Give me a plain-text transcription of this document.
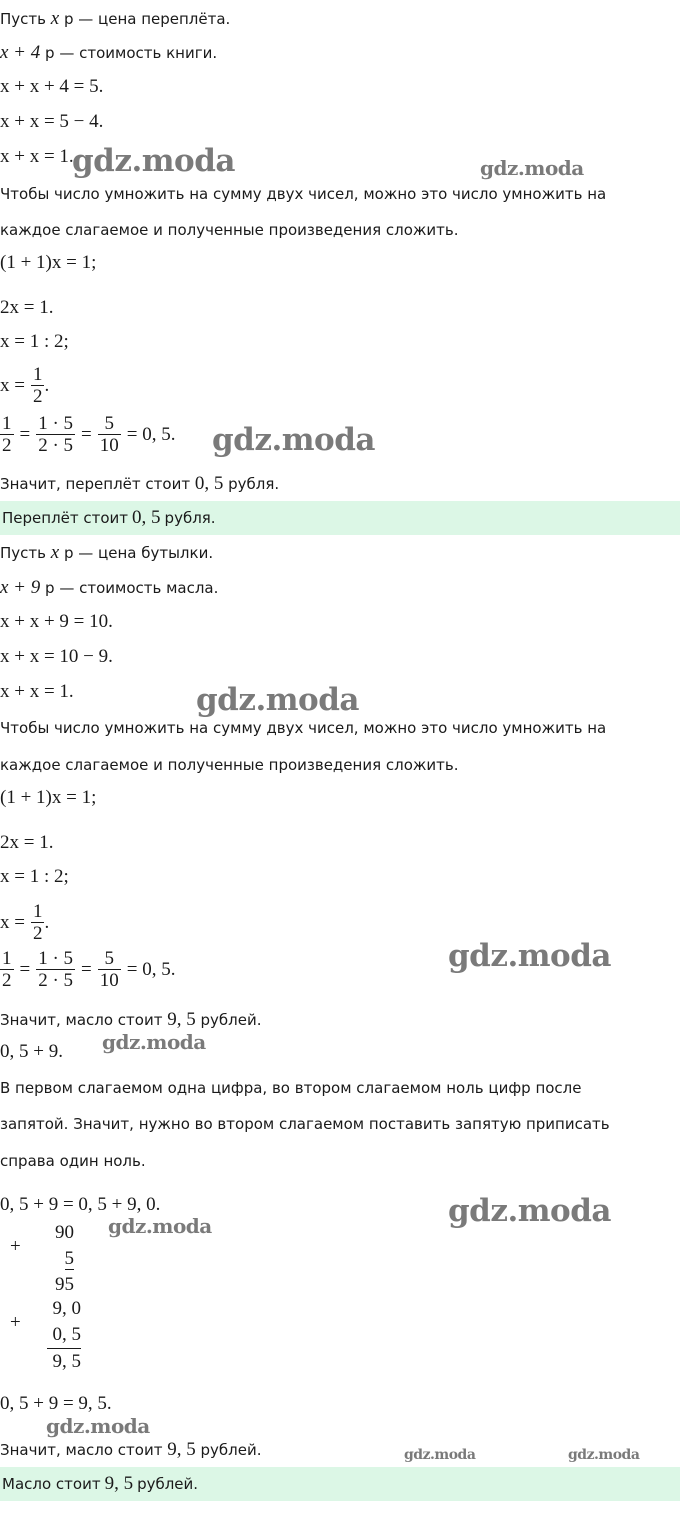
Пусть x р — цена переплёта.
x + 4 р — стоимость книги.
x + x + 4 = 5.
x + x = 5 − 4.
x + x = 1.
Чтобы число умножить на сумму двух чисел, можно это число умножить на
каждое слагаемое и полученные произведения сложить.
(1 + 1)x = 1;
2x = 1.
x = 1 : 2;
$x = \frac{1}{2}$ .
$\frac{1}{2} = \frac{1 \cdot 5}{2 \cdot 5} = \frac{5}{10} = 0$, 5.
Значит, переплёт стоит 0, 5 рубля.
Переплёт стоит 0, 5 рубля.
Пусть x р — цена бутылки.
x + 9 р — стоимость масла.
x + x + 9 = 10.
x + x = 10 − 9.
x + x = 1.
Чтобы число умножить на сумму двух чисел, можно это число умножить на
каждое слагаемое и полученные произведения сложить.
(1 + 1)x = 1;
2x = 1.
x = 1 : 2;
$x = \frac{1}{2}$ .
$\frac{1}{2} = \frac{1 \cdot 5}{2 \cdot 5} = \frac{5}{10} = 0$, 5.
Значит, масло стоит 9, 5 рублей.
0, 5 + 9.
В первом слагаемом одна цифра, во втором слагаемом ноль цифр после
запятой. Значит, нужно во втором слагаемом поставить запятую приписать
справа один ноль.
0, 5 + 9 = 0, 5 + 9, 0.
+
90
5
95
+
9, 0
0, 5
9, 5
0, 5 + 9 = 9, 5.
Значит, масло стоит 9, 5 рублей.
Масло стоит 9, 5 рублей.
gdz.moda	gdz.moda
gdz.moda
gdz.moda
gdz.moda
gdz.moda
gdz.moda
gdz.moda
gdz.moda
gdz.moda	gdz.moda
